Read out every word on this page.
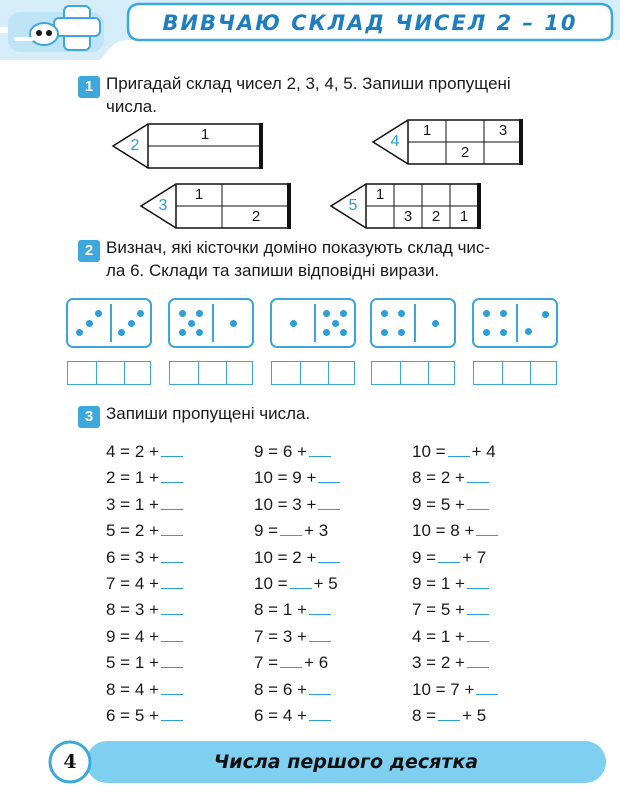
ВИВЧАЮ СКЛАД ЧИСЕЛ 2 – 10
1 Пригадай склад чисел 2, 3, 4, 5. Запиши пропущені
числа.
2
1	4
1	3
2
3
1
2
5
1
3	2	1
2 Визнач, які кісточки доміно показують склад чис-
ла 6. Склади та запиши відповідні вирази.
3 Запиши пропущені числа.
4 = 2 +
2 = 1 +
3 = 1 +
5 = 2 +
6 = 3 +
7 = 4 +
8 = 3 +
9 = 4 +
5 = 1 +
8 = 4 +
6 = 5 +
9 = 6 +
10 = 9 +
10 = 3 +
9 = + 3
10 = 2 +
10 = + 5
8 = 1 +
7 = 3 +
7 = + 6
8 = 6 +
6 = 4 +
10 = + 4
8 = 2 +
9 = 5 +
10 = 8 +
9 = + 7
9 = 1 +
7 = 5 +
4 = 1 +
3 = 2 +
10 = 7 +
8 = + 5
Числа першого десятка
4
